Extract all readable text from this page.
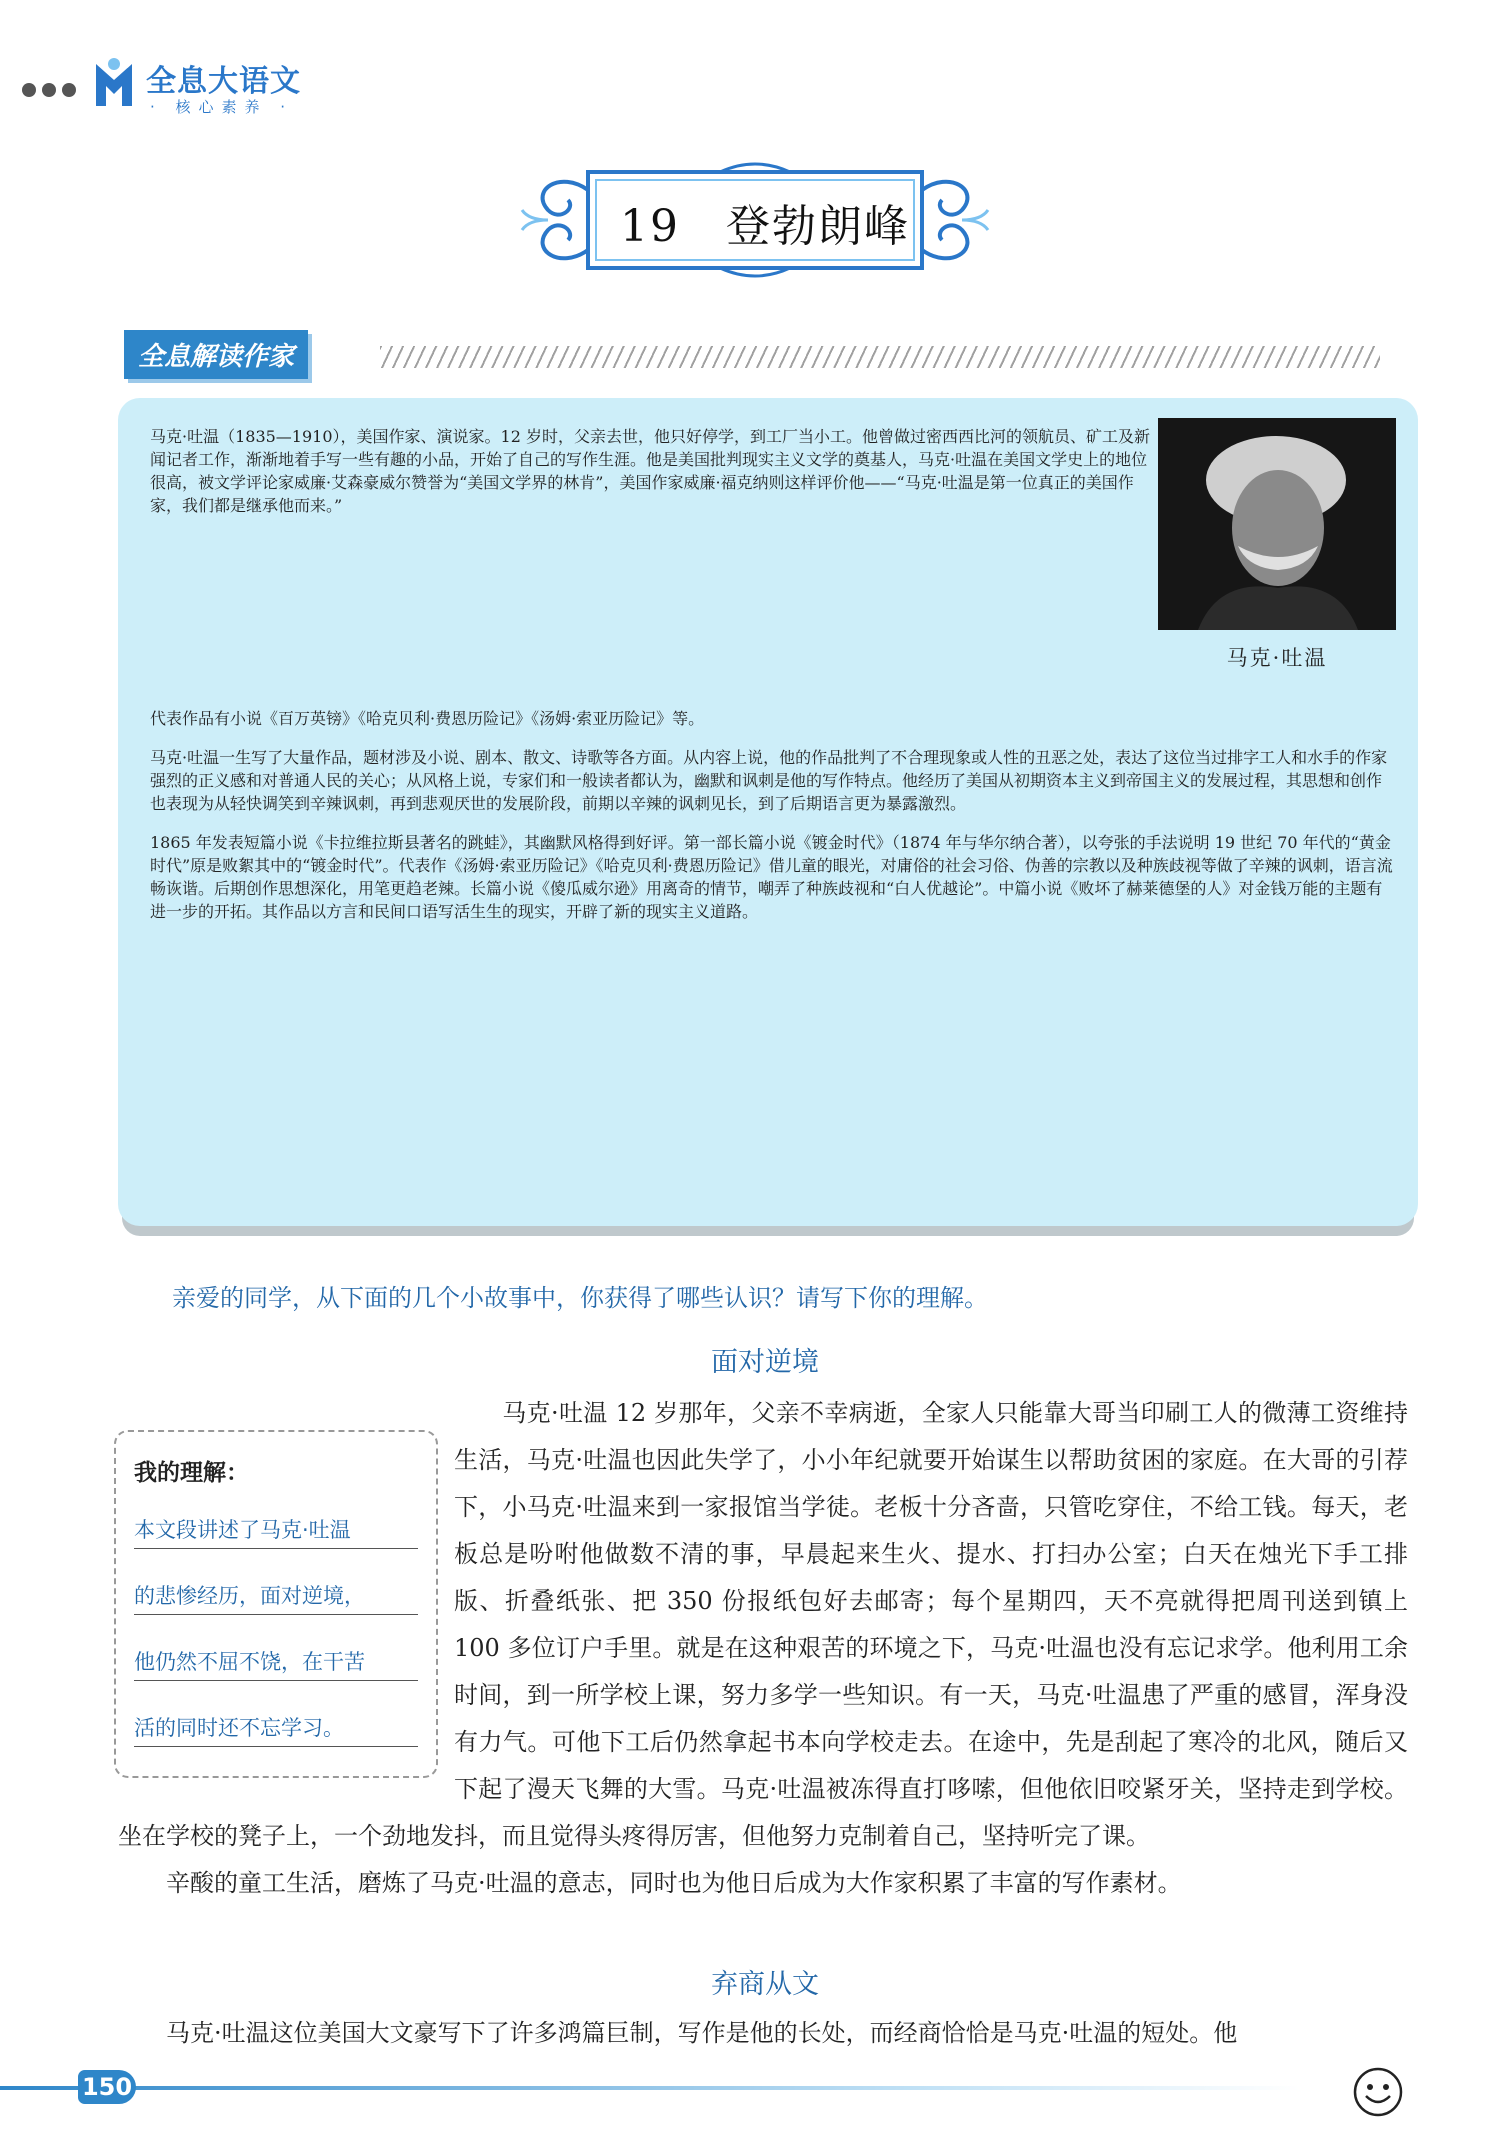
全息大语文
· 核心素养 ·
19　登勃朗峰
全息解读作家
马克·吐温

马克·吐温（1835—1910），美国作家、演说家。12 岁时，父亲去世，他只好停学，到工厂当小工。他曾做过密西西比河的领航员、矿工及新闻记者工作，渐渐地着手写一些有趣的小品，开始了自己的写作生涯。他是美国批判现实主义文学的奠基人，马克·吐温在美国文学史上的地位很高，被文学评论家威廉·艾森豪威尔赞誉为“美国文学界的林肯”，美国作家威廉·福克纳则这样评价他——“马克·吐温是第一位真正的美国作家，我们都是继承他而来。”

代表作品有小说《百万英镑》《哈克贝利·费恩历险记》《汤姆·索亚历险记》等。

马克·吐温一生写了大量作品，题材涉及小说、剧本、散文、诗歌等各方面。从内容上说，他的作品批判了不合理现象或人性的丑恶之处，表达了这位当过排字工人和水手的作家强烈的正义感和对普通人民的关心；从风格上说，专家们和一般读者都认为，幽默和讽刺是他的写作特点。他经历了美国从初期资本主义到帝国主义的发展过程，其思想和创作也表现为从轻快调笑到辛辣讽刺，再到悲观厌世的发展阶段，前期以辛辣的讽刺见长，到了后期语言更为暴露激烈。

1865 年发表短篇小说《卡拉维拉斯县著名的跳蛙》，其幽默风格得到好评。第一部长篇小说《镀金时代》（1874 年与华尔纳合著），以夸张的手法说明 19 世纪 70 年代的“黄金时代”原是败絮其中的“镀金时代”。代表作《汤姆·索亚历险记》《哈克贝利·费恩历险记》借儿童的眼光，对庸俗的社会习俗、伪善的宗教以及种族歧视等做了辛辣的讽刺，语言流畅诙谐。后期创作思想深化，用笔更趋老辣。长篇小说《傻瓜威尔逊》用离奇的情节，嘲弄了种族歧视和“白人优越论”。中篇小说《败坏了赫莱德堡的人》对金钱万能的主题有进一步的开拓。其作品以方言和民间口语写活生生的现实，开辟了新的现实主义道路。

亲爱的同学，从下面的几个小故事中，你获得了哪些认识？请写下你的理解。
面对逆境
我的理解：
本文段讲述了马克·吐温
的悲惨经历，面对逆境，
他仍然不屈不饶，在干苦
活的同时还不忘学习。

马克·吐温 12 岁那年，父亲不幸病逝，全家人只能靠大哥当印刷工人的微薄工资维持生活，马克·吐温也因此失学了，小小年纪就要开始谋生以帮助贫困的家庭。在大哥的引荐下，小马克·吐温来到一家报馆当学徒。老板十分吝啬，只管吃穿住，不给工钱。每天，老板总是吩咐他做数不清的事，早晨起来生火、提水、打扫办公室；白天在烛光下手工排版、折叠纸张、把 350 份报纸包好去邮寄；每个星期四，天不亮就得把周刊送到镇上 100 多位订户手里。就是在这种艰苦的环境之下，马克·吐温也没有忘记求学。他利用工余时间，到一所学校上课，努力多学一些知识。有一天，马克·吐温患了严重的感冒，浑身没有力气。可他下工后仍然拿起书本向学校走去。在途中，先是刮起了寒冷的北风，随后又下起了漫天飞舞的大雪。马克·吐温被冻得直打哆嗦，但他依旧咬紧牙关，坚持走到学校。坐在学校的凳子上，一个劲地发抖，而且觉得头疼得厉害，但他努力克制着自己，坚持听完了课。

辛酸的童工生活，磨炼了马克·吐温的意志，同时也为他日后成为大作家积累了丰富的写作素材。

弃商从文

马克·吐温这位美国大文豪写下了许多鸿篇巨制，写作是他的长处，而经商恰恰是马克·吐温的短处。他

150
